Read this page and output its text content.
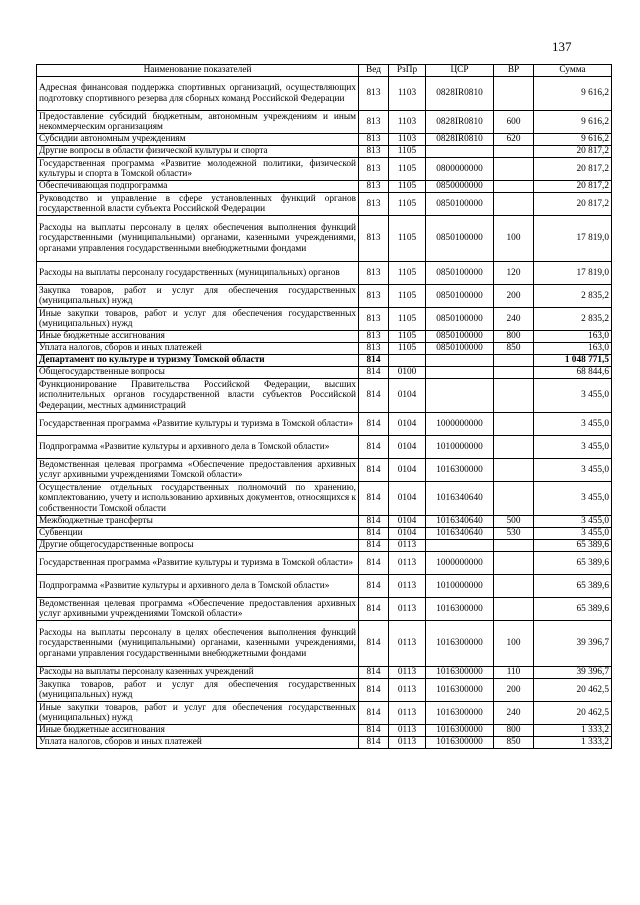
137
Наименование показателей	Вед	РзПр	ЦСР	ВР	Сумма
Адресная финансовая поддержка спортивных организаций, осуществляющих подготовку спортивного резерва для сборных команд Российской Федерации	813	1103	0828IR0810		9 616,2
Предоставление субсидий бюджетным, автономным учреждениям и иным некоммерческим организациям	813	1103	0828IR0810	600	9 616,2
Субсидии автономным учреждениям	813	1103	0828IR0810	620	9 616,2
Другие вопросы в области физической культуры и спорта	813	1105			20 817,2
Государственная программа «Развитие молодежной политики, физической культуры и спорта в Томской области»	813	1105	0800000000		20 817,2
Обеспечивающая подпрограмма	813	1105	0850000000		20 817,2
Руководство и управление в сфере установленных функций органов государственной власти субъекта Российской Федерации	813	1105	0850100000		20 817,2
Расходы на выплаты персоналу в целях обеспечения выполнения функций государственными (муниципальными) органами, казенными учреждениями, органами управления государственными внебюджетными фондами	813	1105	0850100000	100	17 819,0
Расходы на выплаты персоналу государственных (муниципальных) органов	813	1105	0850100000	120	17 819,0
Закупка товаров, работ и услуг для обеспечения государственных (муниципальных) нужд	813	1105	0850100000	200	2 835,2
Иные закупки товаров, работ и услуг для обеспечения государственных (муниципальных) нужд	813	1105	0850100000	240	2 835,2
Иные бюджетные ассигнования	813	1105	0850100000	800	163,0
Уплата налогов, сборов и иных платежей	813	1105	0850100000	850	163,0
Департамент по культуре и туризму Томской области	814				1 048 771,5
Общегосударственные вопросы	814	0100			68 844,6
Функционирование Правительства Российской Федерации, высших исполнительных органов государственной власти субъектов Российской Федерации, местных администраций	814	0104			3 455,0
Государственная программа «Развитие культуры и туризма в Томской области»	814	0104	1000000000		3 455,0
Подпрограмма «Развитие культуры и архивного дела в Томской области»	814	0104	1010000000		3 455,0
Ведомственная целевая программа «Обеспечение предоставления архивных услуг архивными учреждениями Томской области»	814	0104	1016300000		3 455,0
Осуществление отдельных государственных полномочий по хранению, комплектованию, учету и использованию архивных документов, относящихся к собственности Томской области	814	0104	1016340640		3 455,0
Межбюджетные трансферты	814	0104	1016340640	500	3 455,0
Субвенции	814	0104	1016340640	530	3 455,0
Другие общегосударственные вопросы	814	0113			65 389,6
Государственная программа «Развитие культуры и туризма в Томской области»	814	0113	1000000000		65 389,6
Подпрограмма «Развитие культуры и архивного дела в Томской области»	814	0113	1010000000		65 389,6
Ведомственная целевая программа «Обеспечение предоставления архивных услуг архивными учреждениями Томской области»	814	0113	1016300000		65 389,6
Расходы на выплаты персоналу в целях обеспечения выполнения функций государственными (муниципальными) органами, казенными учреждениями, органами управления государственными внебюджетными фондами	814	0113	1016300000	100	39 396,7
Расходы на выплаты персоналу казенных учреждений	814	0113	1016300000	110	39 396,7
Закупка товаров, работ и услуг для обеспечения государственных (муниципальных) нужд	814	0113	1016300000	200	20 462,5
Иные закупки товаров, работ и услуг для обеспечения государственных (муниципальных) нужд	814	0113	1016300000	240	20 462,5
Иные бюджетные ассигнования	814	0113	1016300000	800	1 333,2
Уплата налогов, сборов и иных платежей	814	0113	1016300000	850	1 333,2
